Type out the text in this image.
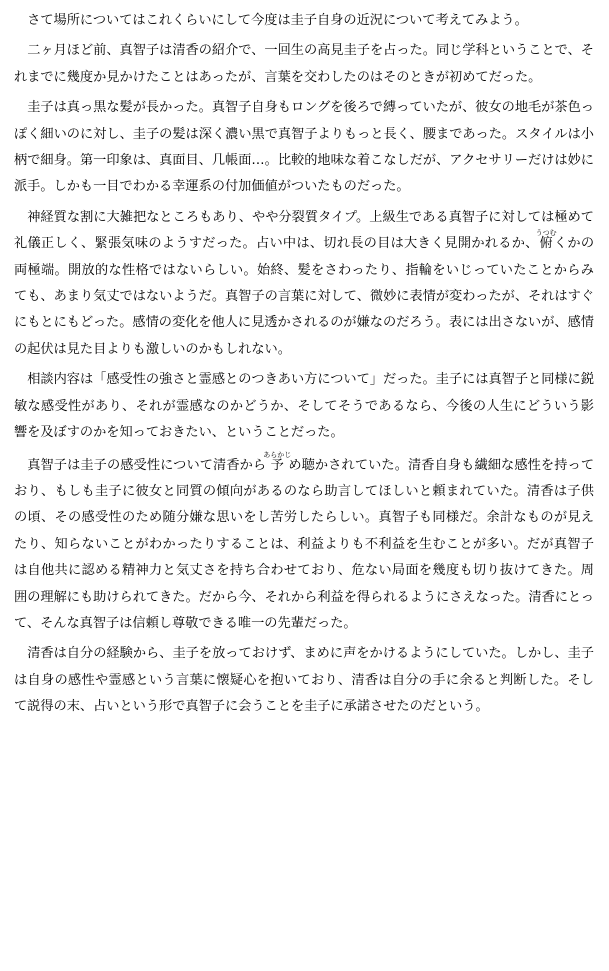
さて場所についてはこれくらいにして今度は圭子自身の近況について考えてみよう。

二ヶ月ほど前、真智子は清香の紹介で、一回生の高見圭子を占った。同じ学科ということで、それまでに幾度か見かけたことはあったが、言葉を交わしたのはそのときが初めてだった。

圭子は真っ黒な髪が長かった。真智子自身もロングを後ろで縛っていたが、彼女の地毛が茶色っぽく細いのに対し、圭子の髪は深く濃い黒で真智子よりもっと長く、腰まであった。スタイルは小柄で細身。第一印象は、真面目、几帳面…。比較的地味な着こなしだが、アクセサリーだけは妙に派手。しかも一目でわかる幸運系の付加価値がついたものだった。

神経質な割に大雑把なところもあり、やや分裂質タイプ。上級生である真智子に対しては極めて礼儀正しく、緊張気味のようすだった。占い中は、切れ長の目は大きく見開かれるか、俯うつむくかの両極端。開放的な性格ではないらしい。始終、髪をさわったり、指輪をいじっていたことからみても、あまり気丈ではないようだ。真智子の言葉に対して、微妙に表情が変わったが、それはすぐにもとにもどった。感情の変化を他人に見透かされるのが嫌なのだろう。表には出さないが、感情の起伏は見た目よりも激しいのかもしれない。

相談内容は「感受性の強さと霊感とのつきあい方について」だった。圭子には真智子と同様に鋭敏な感受性があり、それが霊感なのかどうか、そしてそうであるなら、今後の人生にどういう影響を及ぼすのかを知っておきたい、ということだった。

真智子は圭子の感受性について清香から予あらかじめ聴かされていた。清香自身も繊細な感性を持っており、もしも圭子に彼女と同質の傾向があるのなら助言してほしいと頼まれていた。清香は子供の頃、その感受性のため随分嫌な思いをし苦労したらしい。真智子も同様だ。余計なものが見えたり、知らないことがわかったりすることは、利益よりも不利益を生むことが多い。だが真智子は自他共に認める精神力と気丈さを持ち合わせており、危ない局面を幾度も切り抜けてきた。周囲の理解にも助けられてきた。だから今、それから利益を得られるようにさえなった。清香にとって、そんな真智子は信頼し尊敬できる唯一の先輩だった。

清香は自分の経験から、圭子を放っておけず、まめに声をかけるようにしていた。しかし、圭子は自身の感性や霊感という言葉に懐疑心を抱いており、清香は自分の手に余ると判断した。そして説得の末、占いという形で真智子に会うことを圭子に承諾させたのだという。
